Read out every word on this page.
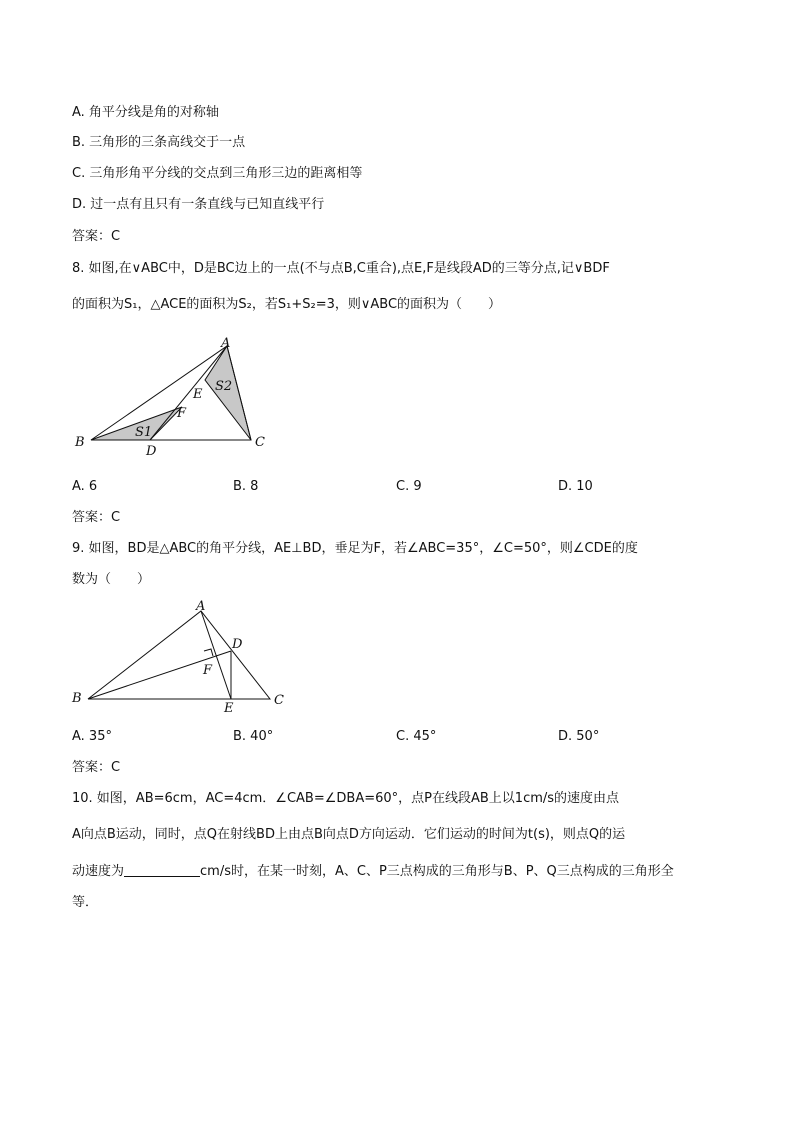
A. 角平分线是角的对称轴
B. 三角形的三条高线交于一点
C. 三角形角平分线的交点到三角形三边的距离相等
D. 过一点有且只有一条直线与已知直线平行
答案：C
8. 如图,在∨ABC中，D是BC边上的一点(不与点B,C重合),点E,F是线段AD的三等分点,记∨BDF
的面积为S₁，△ACE的面积为S₂，若S₁+S₂=3，则∨ABC的面积为（　　）
A
B	C
D
E
F
S2
S1
A. 6	B. 8	C. 9	D. 10
答案：C
9. 如图，BD是△ABC的角平分线，AE⊥BD，垂足为F，若∠ABC=35°，∠C=50°，则∠CDE的度
数为（　　）
A
B	C
D
E
F
A. 35°	B. 40°	C. 45°	D. 50°
答案：C
10. 如图，AB=6cm，AC=4cm．∠CAB=∠DBA=60°，点P在线段AB上以1cm/s的速度由点
A向点B运动，同时，点Q在射线BD上由点B向点D方向运动．它们运动的时间为t(s)，则点Q的运
动速度为	cm/s时，在某一时刻，A、C、P三点构成的三角形与B、P、Q三点构成的三角形全
等．
